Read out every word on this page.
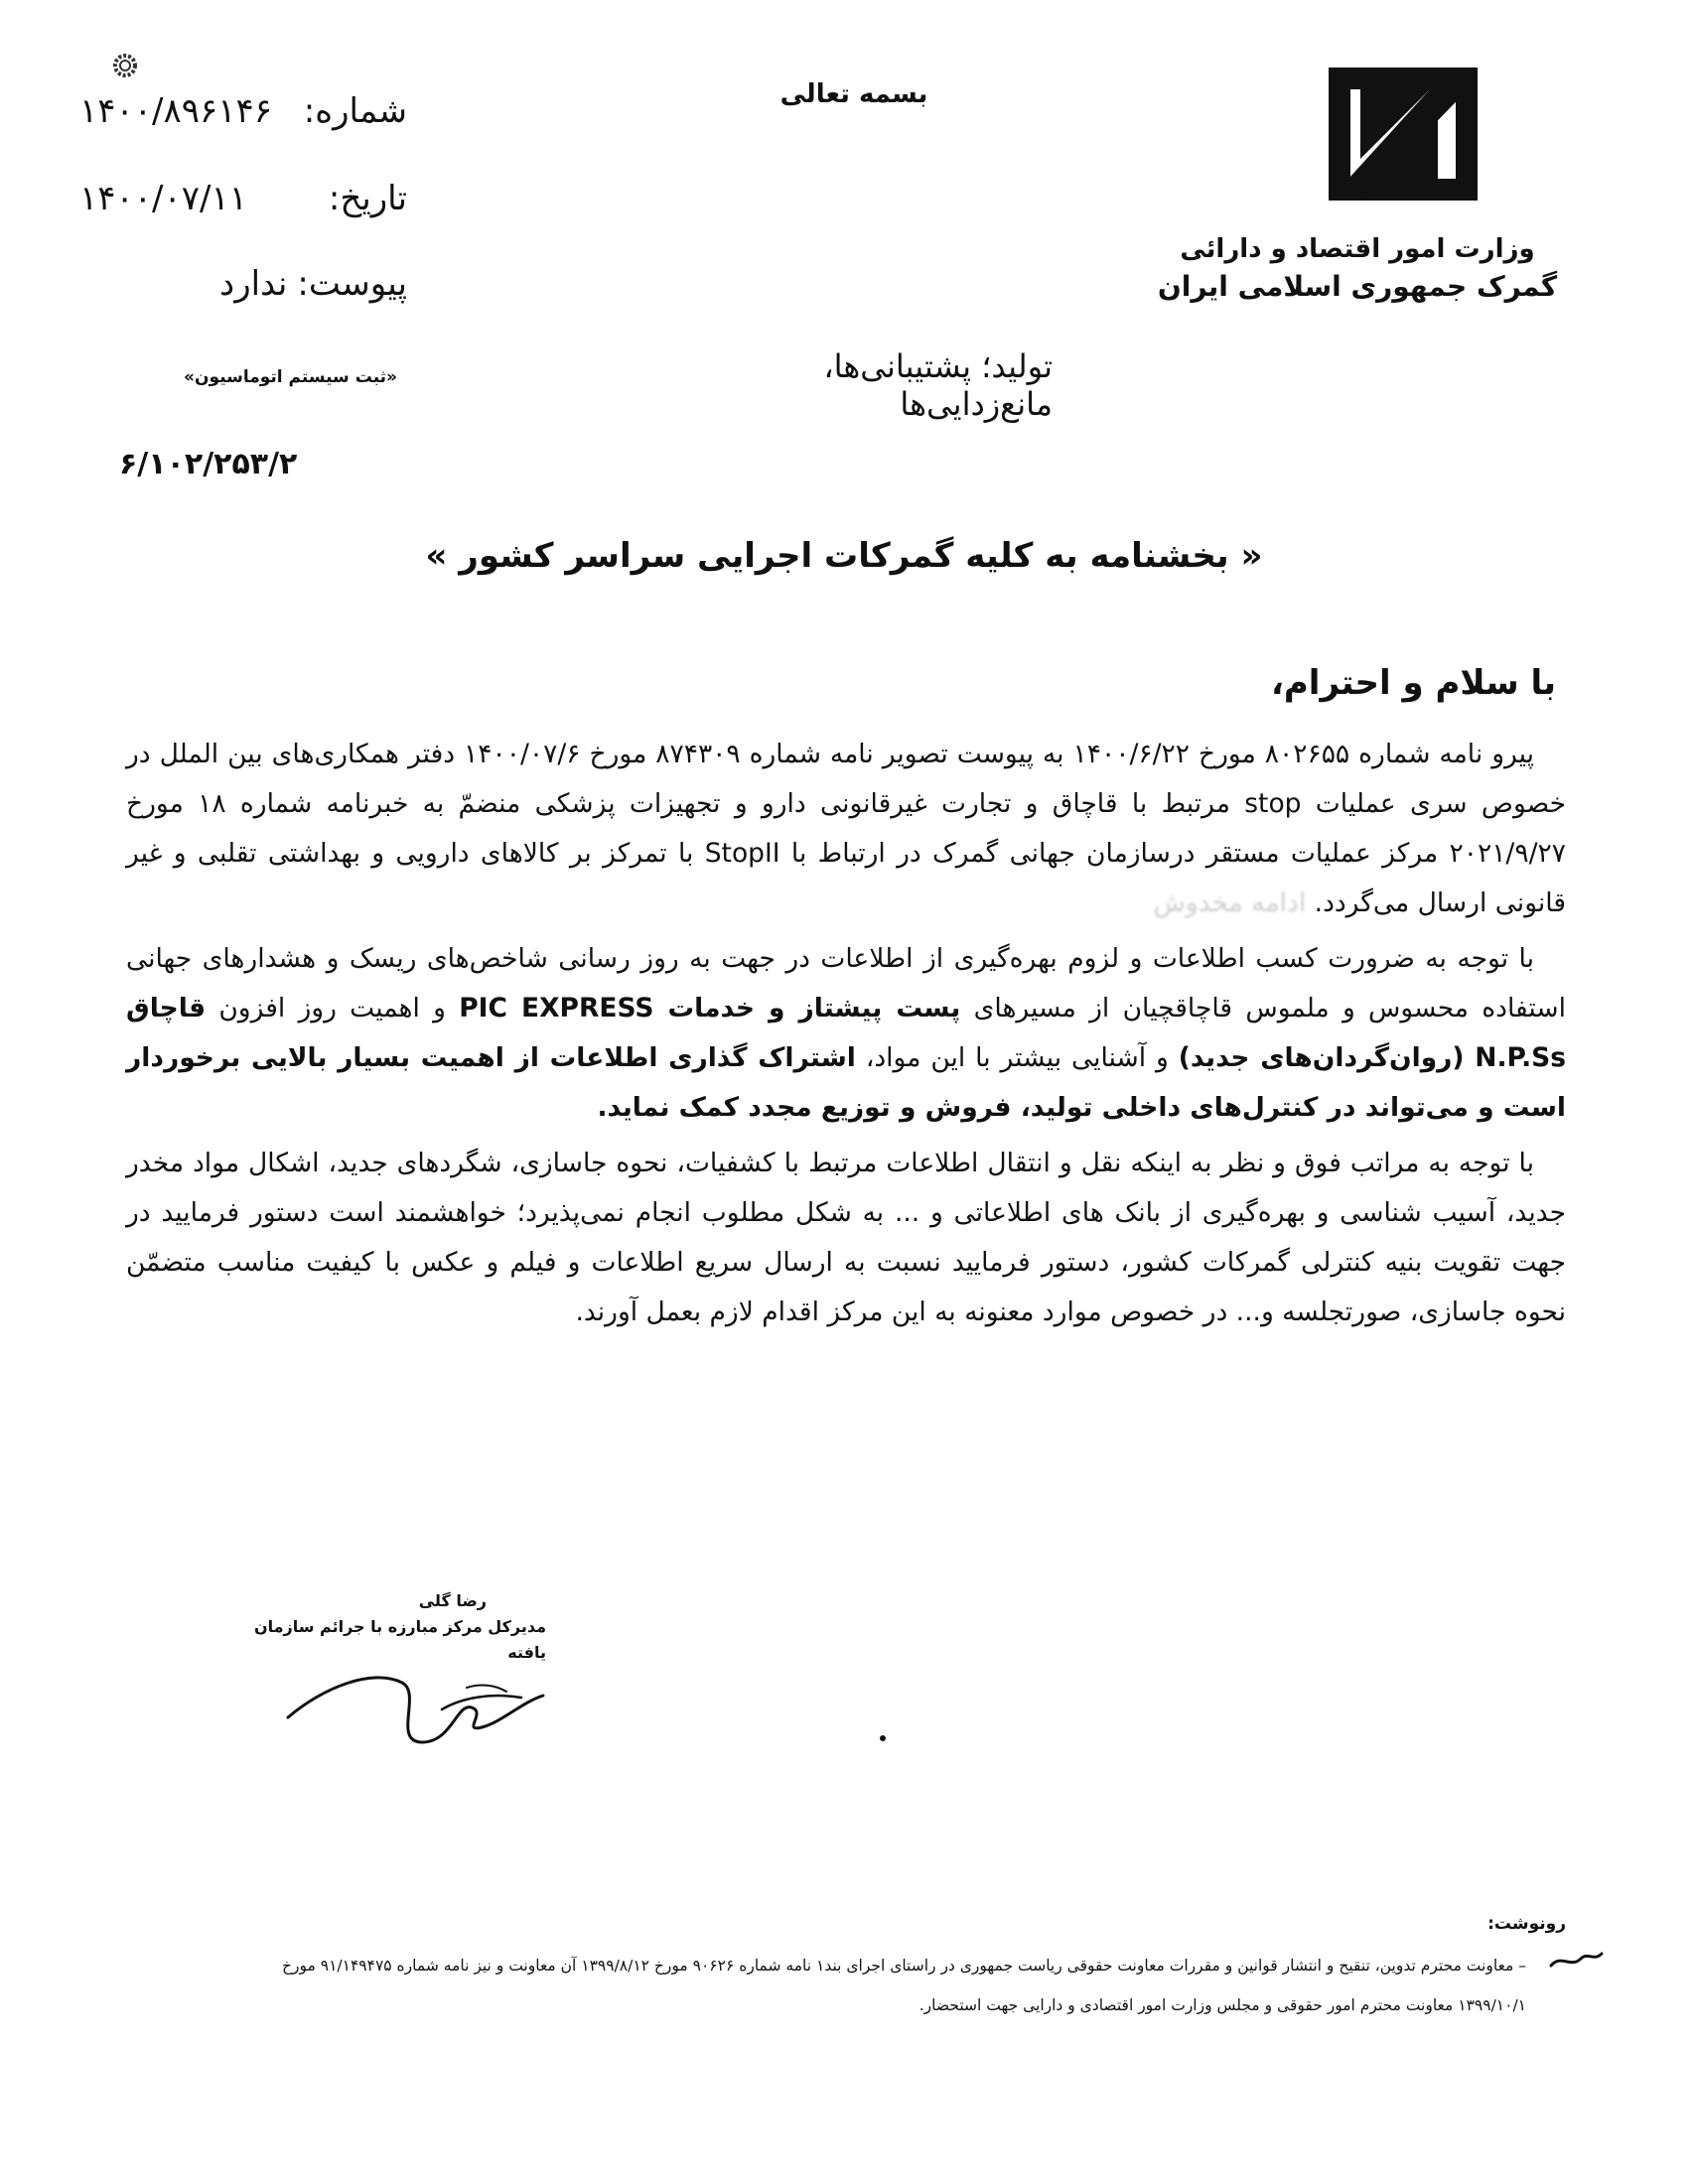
وزارت امور اقتصاد و دارائی
گمرک جمهوری اسلامی ایران
بسمه تعالی
۱۴۰۰/۸۹۶۱۴۶ شماره:
۱۴۰۰/۰۷/۱۱ تاریخ:
پیوست:
ندارد
«ثبت سیستم اتوماسیون»
۶/۱۰۲/۲۵۳/۲
تولید؛ پشتیبانی‌ها، مانع‌زدایی‌ها
« بخشنامه به کلیه گمرکات اجرایی سراسر کشور »
با سلام و احترام،

پیرو نامه شماره ۸۰۲۶۵۵ مورخ ۱۴۰۰/۶/۲۲ به پیوست تصویر نامه شماره ۸۷۴۳۰۹ مورخ ۱۴۰۰/۰۷/۶ دفتر همکاری‌های بین الملل در خصوص سری عملیات stop مرتبط با قاچاق و تجارت غیرقانونی دارو و تجهیزات پزشکی منضمّ به خبرنامه شماره ۱۸ مورخ ۲۰۲۱/۹/۲۷ مرکز عملیات مستقر درسازمان جهانی گمرک در ارتباط با StopII با تمرکز بر کالاهای دارویی و بهداشتی تقلبی و غیر قانونی ارسال می‌گردد. ادامه مخدوش

با توجه به ضرورت کسب اطلاعات و لزوم بهره‌گیری از اطلاعات در جهت به روز رسانی شاخص‌های ریسک و هشدارهای جهانی استفاده محسوس و ملموس قاچاقچیان از مسیرهای پست پیشتاز و خدمات PIC EXPRESS و اهمیت روز افزون قاچاق N.P.Ss (روان‌گردان‌های جدید) و آشنایی بیشتر با این مواد، اشتراک گذاری اطلاعات از اهمیت بسیار بالایی برخوردار است و می‌تواند در کنترل‌های داخلی تولید، فروش و توزیع مجدد کمک نماید.

با توجه به مراتب فوق و نظر به اینکه نقل و انتقال اطلاعات مرتبط با کشفیات، نحوه جاسازی، شگردهای جدید، اشکال مواد مخدر جدید، آسیب شناسی و بهره‌گیری از بانک های اطلاعاتی و ... به شکل مطلوب انجام نمی‌پذیرد؛ خواهشمند است دستور فرمایید در جهت تقویت بنیه کنترلی گمرکات کشور، دستور فرمایید نسبت به ارسال سریع اطلاعات و فیلم و عکس با کیفیت مناسب متضمّن نحوه جاسازی، صورتجلسه و... در خصوص موارد معنونه به این مرکز اقدام لازم بعمل آورند.

رضا گلی
مدیرکل مرکز مبارزه با جرائم سازمان یافته
رونوشت:
– معاونت محترم تدوین، تنقیح و انتشار قوانین و مقررات معاونت حقوقی ریاست جمهوری در راستای اجرای بند۱ نامه شماره ۹۰۶۲۶ مورخ ۱۳۹۹/۸/۱۲ آن معاونت و نیز نامه شماره ۹۱/۱۴۹۴۷۵ مورخ
۱۳۹۹/۱۰/۱ معاونت محترم امور حقوقی و مجلس وزارت امور اقتصادی و دارایی جهت استحضار.
